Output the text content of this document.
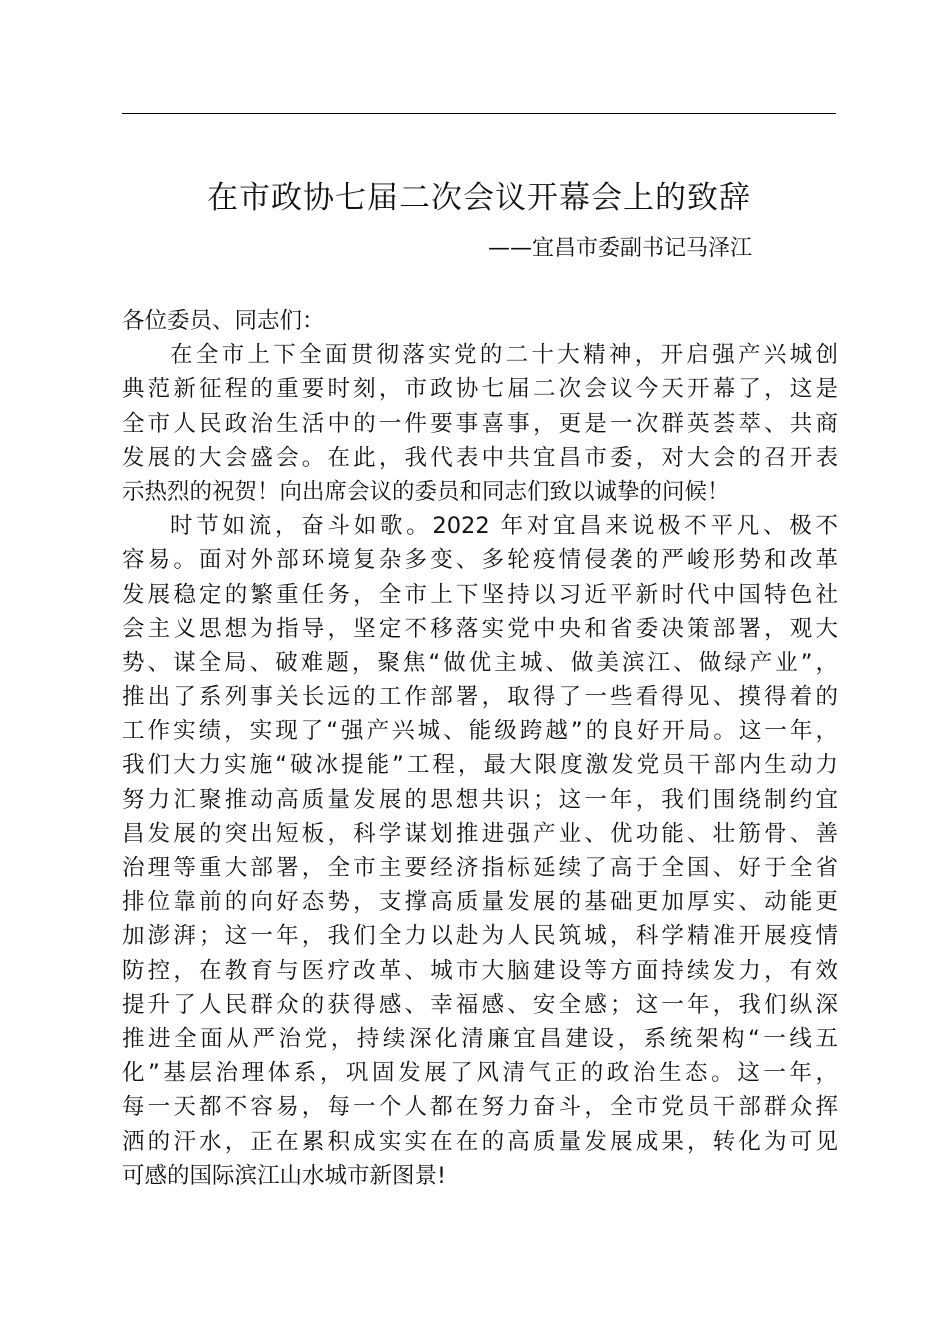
在市政协七届二次会议开幕会上的致辞
——宜昌市委副书记马泽江
各位委员、同志们：
在全市上下全面贯彻落实党的二十大精神，开启强产兴城创
典范新征程的重要时刻，市政协七届二次会议今天开幕了，这是
全市人民政治生活中的一件要事喜事，更是一次群英荟萃、共商
发展的大会盛会。在此，我代表中共宜昌市委，对大会的召开表
示热烈的祝贺！向出席会议的委员和同志们致以诚挚的问候！
时节如流，奋斗如歌。2022 年对宜昌来说极不平凡、极不
容易。面对外部环境复杂多变、多轮疫情侵袭的严峻形势和改革
发展稳定的繁重任务，全市上下坚持以习近平新时代中国特色社
会主义思想为指导，坚定不移落实党中央和省委决策部署，观大
势、谋全局、破难题，聚焦“做优主城、做美滨江、做绿产业”，
推出了系列事关长远的工作部署，取得了一些看得见、摸得着的
工作实绩，实现了“强产兴城、能级跨越”的良好开局。这一年，
我们大力实施“破冰提能”工程，最大限度激发党员干部内生动力
努力汇聚推动高质量发展的思想共识；这一年，我们围绕制约宜
昌发展的突出短板，科学谋划推进强产业、优功能、壮筋骨、善
治理等重大部署，全市主要经济指标延续了高于全国、好于全省
排位靠前的向好态势，支撑高质量发展的基础更加厚实、动能更
加澎湃；这一年，我们全力以赴为人民筑城，科学精准开展疫情
防控，在教育与医疗改革、城市大脑建设等方面持续发力，有效
提升了人民群众的获得感、幸福感、安全感；这一年，我们纵深
推进全面从严治党，持续深化清廉宜昌建设，系统架构“一线五
化”基层治理体系，巩固发展了风清气正的政治生态。这一年，
每一天都不容易，每一个人都在努力奋斗，全市党员干部群众挥
洒的汗水，正在累积成实实在在的高质量发展成果，转化为可见
可感的国际滨江山水城市新图景!
